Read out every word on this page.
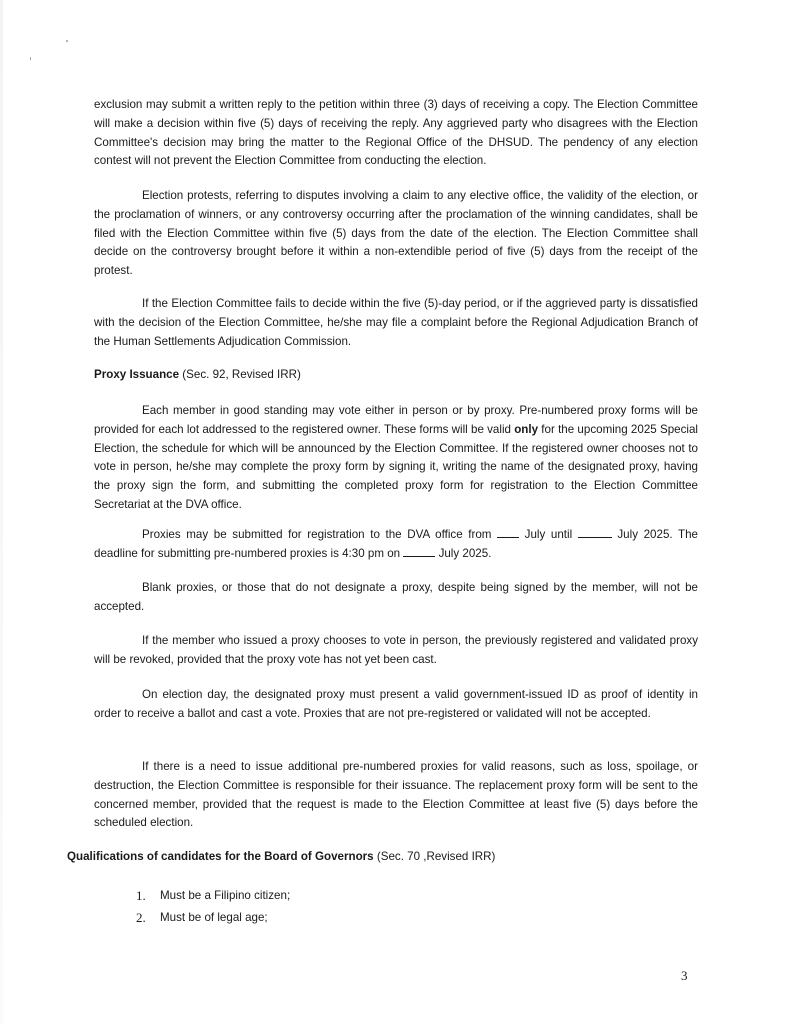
exclusion may submit a written reply to the petition within three (3) days of receiving a copy. The Election Committee will make a decision within five (5) days of receiving the reply. Any aggrieved party who disagrees with the Election Committee's decision may bring the matter to the Regional Office of the DHSUD. The pendency of any election contest will not prevent the Election Committee from conducting the election.

Election protests, referring to disputes involving a claim to any elective office, the validity of the election, or the proclamation of winners, or any controversy occurring after the proclamation of the winning candidates, shall be filed with the Election Committee within five (5) days from the date of the election. The Election Committee shall decide on the controversy brought before it within a non-extendible period of five (5) days from the receipt of the protest.

If the Election Committee fails to decide within the five (5)-day period, or if the aggrieved party is dissatisfied with the decision of the Election Committee, he/she may file a complaint before the Regional Adjudication Branch of the Human Settlements Adjudication Commission.

Proxy Issuance (Sec. 92, Revised IRR)

Each member in good standing may vote either in person or by proxy. Pre-numbered proxy forms will be provided for each lot addressed to the registered owner. These forms will be valid only for the upcoming 2025 Special Election, the schedule for which will be announced by the Election Committee. If the registered owner chooses not to vote in person, he/she may complete the proxy form by signing it, writing the name of the designated proxy, having the proxy sign the form, and submitting the completed proxy form for registration to the Election Committee Secretariat at the DVA office.

Proxies may be submitted for registration to the DVA office from  July until	July 2025. The deadline for submitting pre-numbered proxies is 4:30 pm on	July 2025.

Blank proxies, or those that do not designate a proxy, despite being signed by the member, will not be accepted.

If the member who issued a proxy chooses to vote in person, the previously registered and validated proxy will be revoked, provided that the proxy vote has not yet been cast.

On election day, the designated proxy must present a valid government-issued ID as proof of identity in order to receive a ballot and cast a vote. Proxies that are not pre-registered or validated will not be accepted.

If there is a need to issue additional pre-numbered proxies for valid reasons, such as loss, spoilage, or destruction, the Election Committee is responsible for their issuance. The replacement proxy form will be sent to the concerned member, provided that the request is made to the Election Committee at least five (5) days before the scheduled election.

Qualifications of candidates for the Board of Governors (Sec. 70 ,Revised IRR)

1.	Must be a Filipino citizen;
2.	Must be of legal age;
3
